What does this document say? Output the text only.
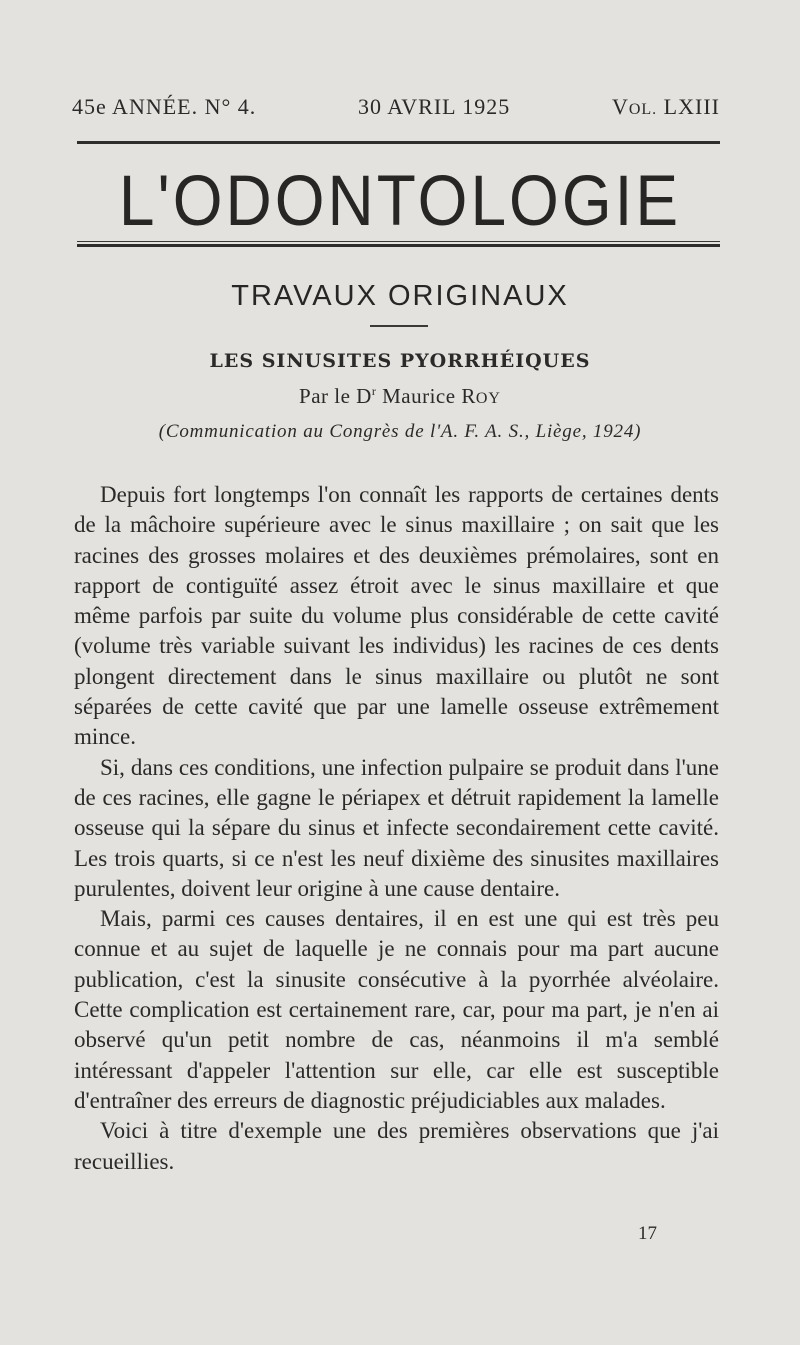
45e ANNÉE. N° 4.	30 AVRIL 1925	VOL. LXIII
L'ODONTOLOGIE
TRAVAUX ORIGINAUX
LES SINUSITES PYORRHÉIQUES
Par le $D^r$ Maurice ROY
(Communication au Congrès de l'A. F. A. S., Liège, 1924)

Depuis fort longtemps l'on connaît les rapports de certaines dents de la mâchoire supérieure avec le sinus maxillaire ; on sait que les racines des grosses molaires et des deuxièmes prémolaires, sont en rapport de contiguïté assez étroit avec le sinus maxillaire et que même parfois par suite du volume plus considérable de cette cavité (volume très variable suivant les individus) les racines de ces dents plongent directement dans le sinus maxillaire ou plutôt ne sont séparées de cette cavité que par une lamelle osseuse extrêmement mince.

Si, dans ces conditions, une infection pulpaire se produit dans l'une de ces racines, elle gagne le périapex et détruit rapidement la lamelle osseuse qui la sépare du sinus et infecte secondairement cette cavité. Les trois quarts, si ce n'est les neuf dixième des sinusites maxillaires purulentes, doivent leur origine à une cause dentaire.

Mais, parmi ces causes dentaires, il en est une qui est très peu connue et au sujet de laquelle je ne connais pour ma part aucune publication, c'est la sinusite consécutive à la pyorrhée alvéolaire. Cette complication est certainement rare, car, pour ma part, je n'en ai observé qu'un petit nombre de cas, néanmoins il m'a semblé intéressant d'appeler l'attention sur elle, car elle est susceptible d'entraîner des erreurs de diagnostic préjudiciables aux malades.

Voici à titre d'exemple une des premières observations que j'ai recueillies.

17
